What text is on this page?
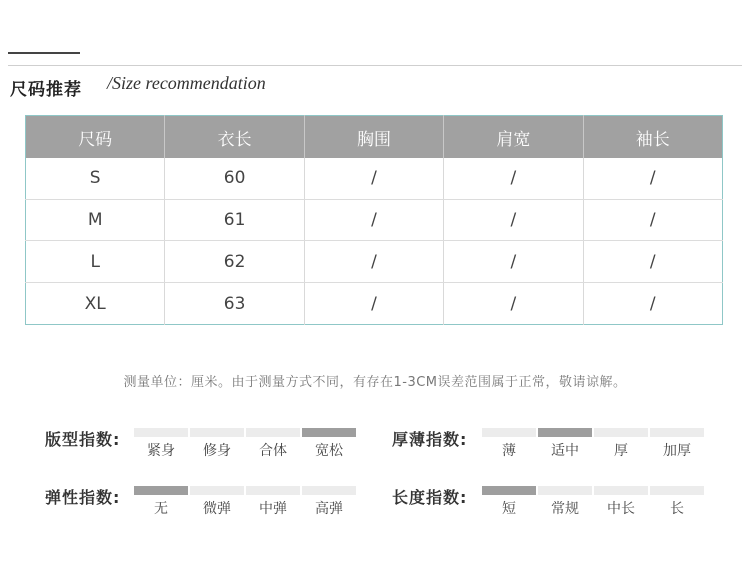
尺码推荐 /Size recommendation
尺码	衣长	胸围	肩宽	袖长
S	60	/	/	/
M	61	/	/	/
L	62	/	/	/
XL	63	/	/	/
测量单位：厘米。由于测量方式不同，有存在1-3CM误差范围属于正常，敬请谅解。
版型指数:
紧身	修身	合体	宽松
厚薄指数:
薄	适中	厚	加厚
弹性指数:
无	微弹	中弹	高弹
长度指数:
短	常规	中长	长
